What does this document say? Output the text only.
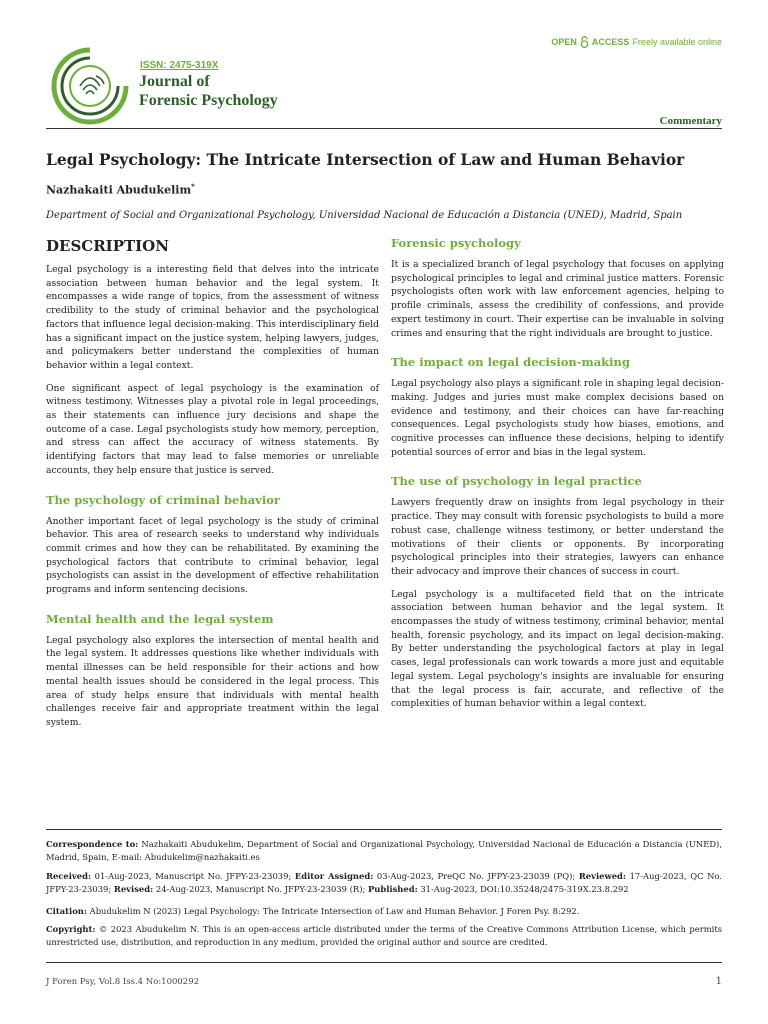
ISSN: 2475-319X
Journal of
Forensic Psychology
OPEN ACCESS Freely available online
Commentary
Legal Psychology: The Intricate Intersection of Law and Human Behavior
Nazhakaiti Abudukelim*
Department of Social and Organizational Psychology, Universidad Nacional de Educación a Distancia (UNED), Madrid, Spain
DESCRIPTION

Legal psychology is a interesting field that delves into the intricate association between human behavior and the legal system. It encompasses a wide range of topics, from the assessment of witness credibility to the study of criminal behavior and the psychological factors that influence legal decision-making. This interdisciplinary field has a significant impact on the justice system, helping lawyers, judges, and policymakers better understand the complexities of human behavior within a legal context.

One significant aspect of legal psychology is the examination of witness testimony. Witnesses play a pivotal role in legal proceedings, as their statements can influence jury decisions and shape the outcome of a case. Legal psychologists study how memory, perception, and stress can affect the accuracy of witness statements. By identifying factors that may lead to false memories or unreliable accounts, they help ensure that justice is served.

The psychology of criminal behavior

Another important facet of legal psychology is the study of criminal behavior. This area of research seeks to understand why individuals commit crimes and how they can be rehabilitated. By examining the psychological factors that contribute to criminal behavior, legal psychologists can assist in the development of effective rehabilitation programs and inform sentencing decisions.

Mental health and the legal system

Legal psychology also explores the intersection of mental health and the legal system. It addresses questions like whether individuals with mental illnesses can be held responsible for their actions and how mental health issues should be considered in the legal process. This area of study helps ensure that individuals with mental health challenges receive fair and appropriate treatment within the legal system.

Forensic psychology

It is a specialized branch of legal psychology that focuses on applying psychological principles to legal and criminal justice matters. Forensic psychologists often work with law enforcement agencies, helping to profile criminals, assess the credibility of confessions, and provide expert testimony in court. Their expertise can be invaluable in solving crimes and ensuring that the right individuals are brought to justice.

The impact on legal decision-making

Legal psychology also plays a significant role in shaping legal decision-making. Judges and juries must make complex decisions based on evidence and testimony, and their choices can have far-reaching consequences. Legal psychologists study how biases, emotions, and cognitive processes can influence these decisions, helping to identify potential sources of error and bias in the legal system.

The use of psychology in legal practice

Lawyers frequently draw on insights from legal psychology in their practice. They may consult with forensic psychologists to build a more robust case, challenge witness testimony, or better understand the motivations of their clients or opponents. By incorporating psychological principles into their strategies, lawyers can enhance their advocacy and improve their chances of success in court.

Legal psychology is a multifaceted field that on the intricate association between human behavior and the legal system. It encompasses the study of witness testimony, criminal behavior, mental health, forensic psychology, and its impact on legal decision-making. By better understanding the psychological factors at play in legal cases, legal professionals can work towards a more just and equitable legal system. Legal psychology's insights are invaluable for ensuring that the legal process is fair, accurate, and reflective of the complexities of human behavior within a legal context.

Correspondence to: Nazhakaiti Abudukelim, Department of Social and Organizational Psychology, Universidad Nacional de Educación a Distancia (UNED), Madrid, Spain, E-mail: Abudukelim@nazhakaiti.es
Received: 01-Aug-2023, Manuscript No. JFPY-23-23039; Editor Assigned: 03-Aug-2023, PreQC No. JFPY-23-23039 (PQ); Reviewed: 17-Aug-2023, QC No. JFPY-23-23039; Revised: 24-Aug-2023, Manuscript No. JFPY-23-23039 (R); Published: 31-Aug-2023, DOI:10.35248/2475-319X.23.8.292
Citation: Abudukelim N (2023) Legal Psychology: The Intricate Intersection of Law and Human Behavior. J Foren Psy. 8:292.
Copyright: © 2023 Abudukelim N. This is an open-access article distributed under the terms of the Creative Commons Attribution License, which permits unrestricted use, distribution, and reproduction in any medium, provided the original author and source are credited.
J Foren Psy, Vol.8 Iss.4 No:1000292	1
